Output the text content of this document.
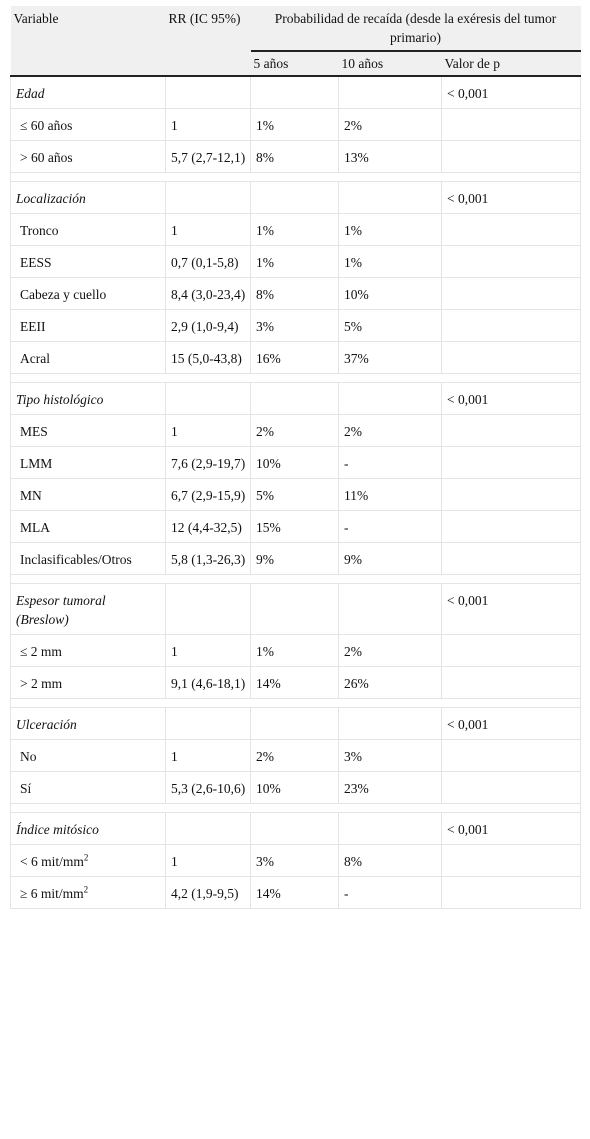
Variable	RR (IC 95%)	Probabilidad de recaída (desde la exéresis del tumor primario)		
		5 años	10 años	Valor de p
Edad				< 0,001
≤ 60 años	1	1%	2%	
> 60 años	5,7 (2,7-12,1)	8%	13%	

Localización				< 0,001
Tronco	1	1%	1%	
EESS	0,7 (0,1-5,8)	1%	1%	
Cabeza y cuello	8,4 (3,0-23,4)	8%	10%	
EEII	2,9 (1,0-9,4)	3%	5%	
Acral	15 (5,0-43,8)	16%	37%	

Tipo histológico				< 0,001
MES	1	2%	2%	
LMM	7,6 (2,9-19,7)	10%	-	
MN	6,7 (2,9-15,9)	5%	11%	
MLA	12 (4,4-32,5)	15%	-	
Inclasificables/Otros	5,8 (1,3-26,3)	9%	9%	

Espesor tumoral (Breslow)				< 0,001
≤ 2 mm	1	1%	2%	
> 2 mm	9,1 (4,6-18,1)	14%	26%	

Ulceración				< 0,001
No	1	2%	3%	
Sí	5,3 (2,6-10,6)	10%	23%	

Índice mitósico				< 0,001
< 6 mit/$mm^2$	1	3%	8%	
≥ 6 mit/$mm^2$	4,2 (1,9-9,5)	14%	-	
